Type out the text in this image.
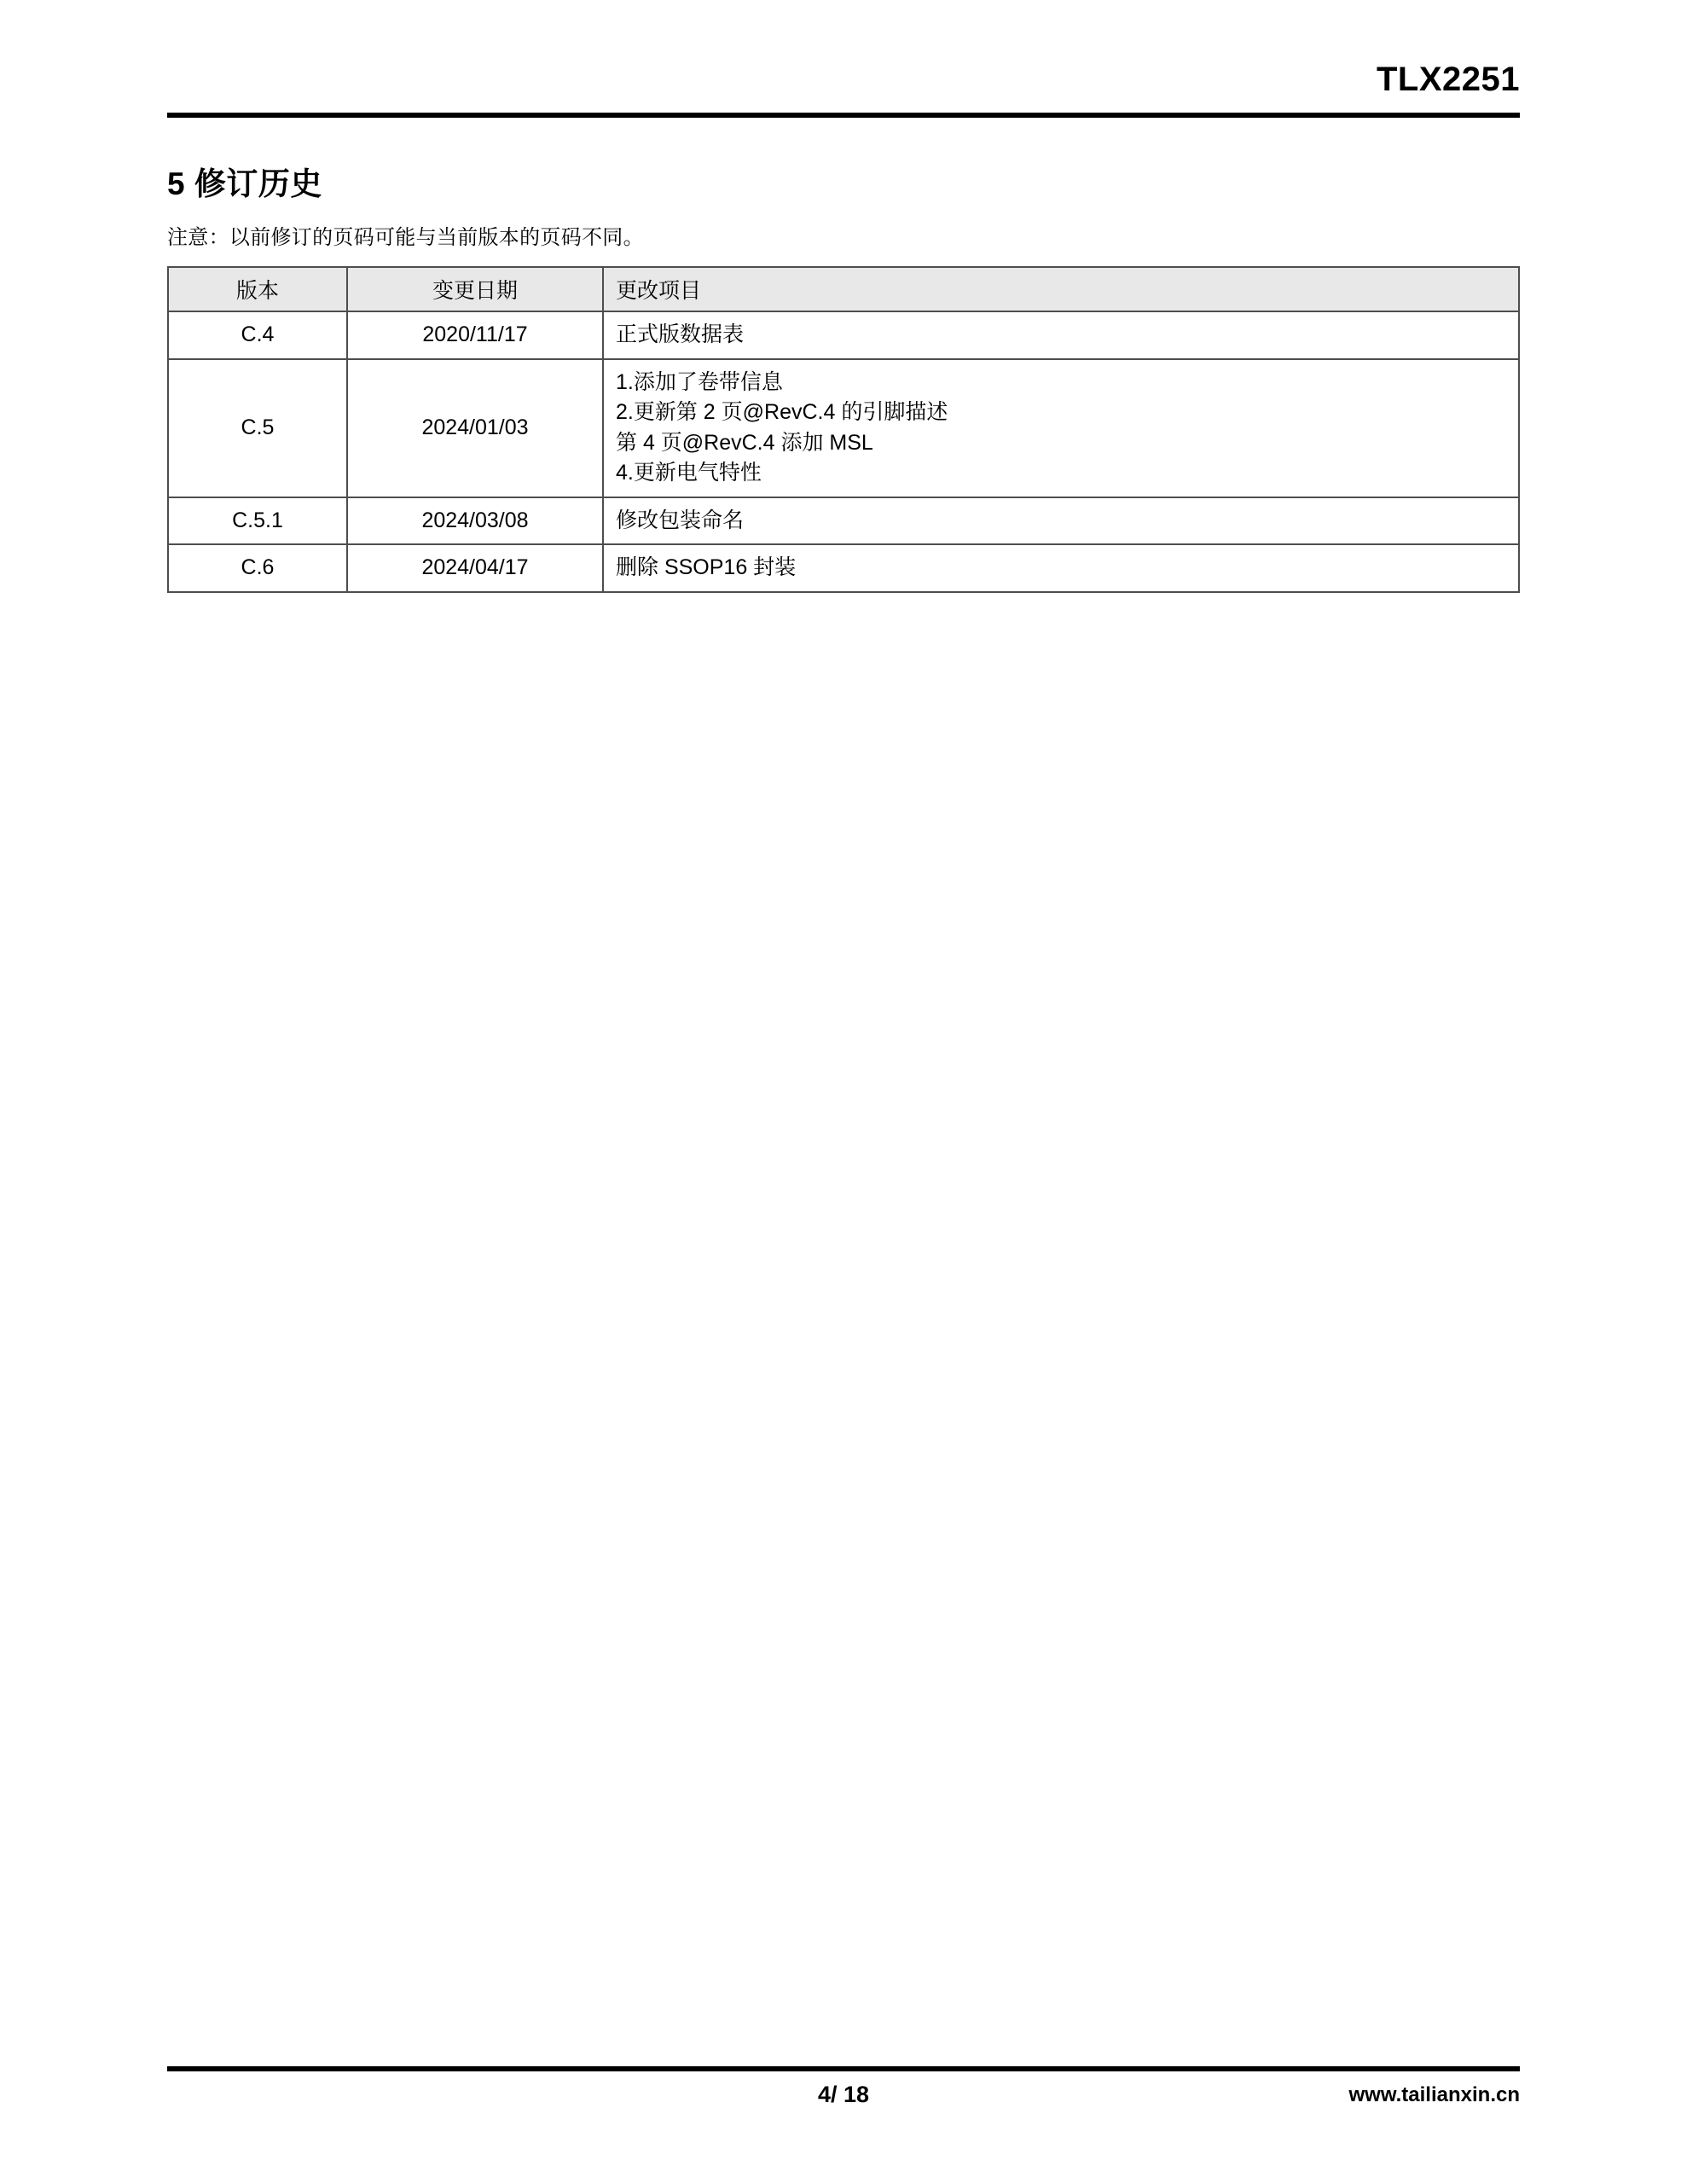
TLX2251
5 修订历史
注意：以前修订的页码可能与当前版本的页码不同。
版本	变更日期	更改项目
C.4	2020/11/17	正式版数据表

C.5	2024/01/03	1.添加了卷带信息
2.更新第 2 页@RevC.4 的引脚描述
第 4 页@RevC.4 添加 MSL
4.更新电气特性

C.5.1	2024/03/08	修改包装命名

C.6	2024/04/17	删除 SSOP16 封装
4/ 18	www.tailianxin.cn
